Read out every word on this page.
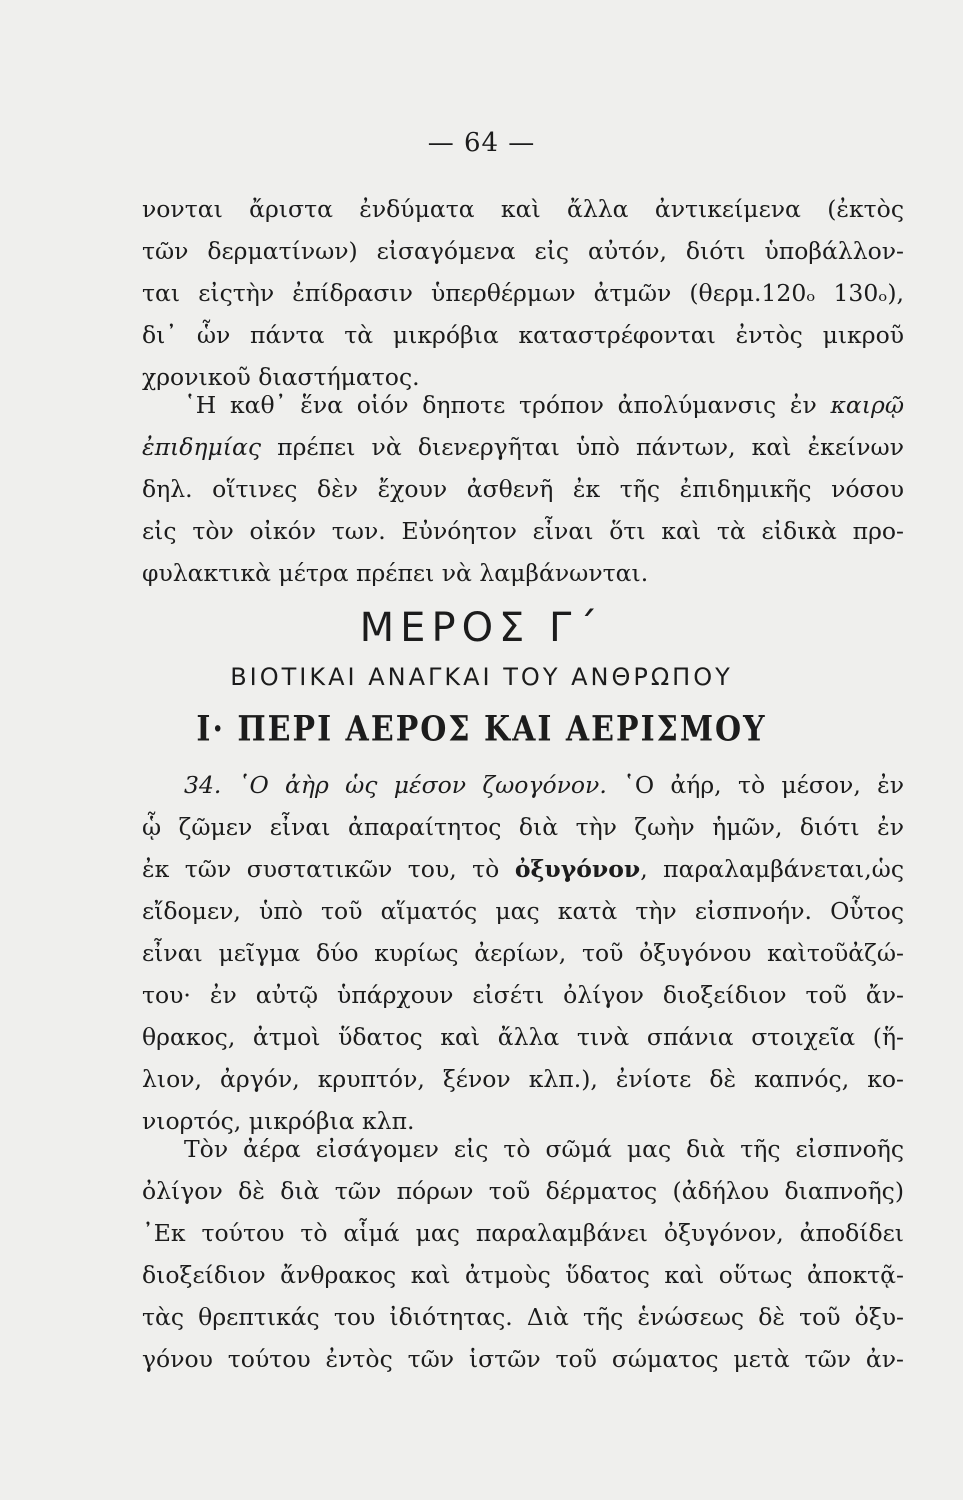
— 64 —
νονται ἄριστα ἐνδύματα καὶ ἄλλα ἀντικείμενα (ἐκτὸς
τῶν δερματίνων) εἰσαγόμενα εἰς αὐτόν, διότι ὑποβάλλον-
ται εἰςτὴν ἐπίδρασιν ὑπερθέρμων ἀτμῶν (θερμ.120ₒ 130ₒ),
δι᾽ ὧν πάντα τὰ μικρόβια καταστρέφονται ἐντὸς μικροῦ
χρονικοῦ διαστήματος.
῾Η καθ᾽ ἕνα οἱόν δηποτε τρόπον ἀπολύμανσις ἐν καιρῷ
ἐπιδημίας πρέπει νὰ διενεργῆται ὑπὸ πάντων, καὶ ἐκείνων
δηλ. οἵτινες δὲν ἔχουν ἀσθενῆ ἐκ τῆς ἐπιδημικῆς νόσου
εἰς τὸν οἰκόν των. Εὐνόητον εἶναι ὅτι καὶ τὰ εἰδικὰ προ-
φυλακτικὰ μέτρα πρέπει νὰ λαμβάνωνται.
ΜΕΡΟΣ Γ΄
ΒΙΟΤΙΚΑΙ ΑΝΑΓΚΑΙ ΤΟΥ ΑΝΘΡΩΠΟΥ
Ι· ΠΕΡΙ ΑΕΡΟΣ ΚΑΙ ΑΕΡΙΣΜΟΥ
34. ῾Ο ἀὴρ ὡς μέσον ζωογόνον. ῾Ο ἀήρ, τὸ μέσον, ἐν
ᾧ ζῶμεν εἶναι ἀπαραίτητος διὰ τὴν ζωὴν ἡμῶν, διότι ἐν
ἐκ τῶν συστατικῶν του, τὸ ὀξυγόνον, παραλαμβάνεται,ὡς
εἴδομεν, ὑπὸ τοῦ αἵματός μας κατὰ τὴν εἰσπνοήν. Οὗτος
εἶναι μεῖγμα δύο κυρίως ἀερίων, τοῦ ὀξυγόνου καὶτοῦἀζώ-
του· ἐν αὐτῷ ὑπάρχουν εἰσέτι ὀλίγον διοξείδιον τοῦ ἄν-
θρακος, ἀτμοὶ ὕδατος καὶ ἄλλα τινὰ σπάνια στοιχεῖα (ἥ-
λιον, ἀργόν, κρυπτόν, ξένον κλπ.), ἐνίοτε δὲ καπνός, κο-
νιορτός, μικρόβια κλπ.
Τὸν ἀέρα εἰσάγομεν εἰς τὸ σῶμά μας διὰ τῆς εἰσπνοῆς
ὀλίγον δὲ διὰ τῶν πόρων τοῦ δέρματος (ἀδήλου διαπνοῆς)
᾽Εκ τούτου τὸ αἷμά μας παραλαμβάνει ὀξυγόνον, ἀποδίδει
διοξείδιον ἄνθρακος καὶ ἀτμοὺς ὕδατος καὶ οὕτως ἀποκτᾷ-
τὰς θρεπτικάς του ἰδιότητας. Διὰ τῆς ἑνώσεως δὲ τοῦ ὀξυ-
γόνου τούτου ἐντὸς τῶν ἱστῶν τοῦ σώματος μετὰ τῶν ἀν-
